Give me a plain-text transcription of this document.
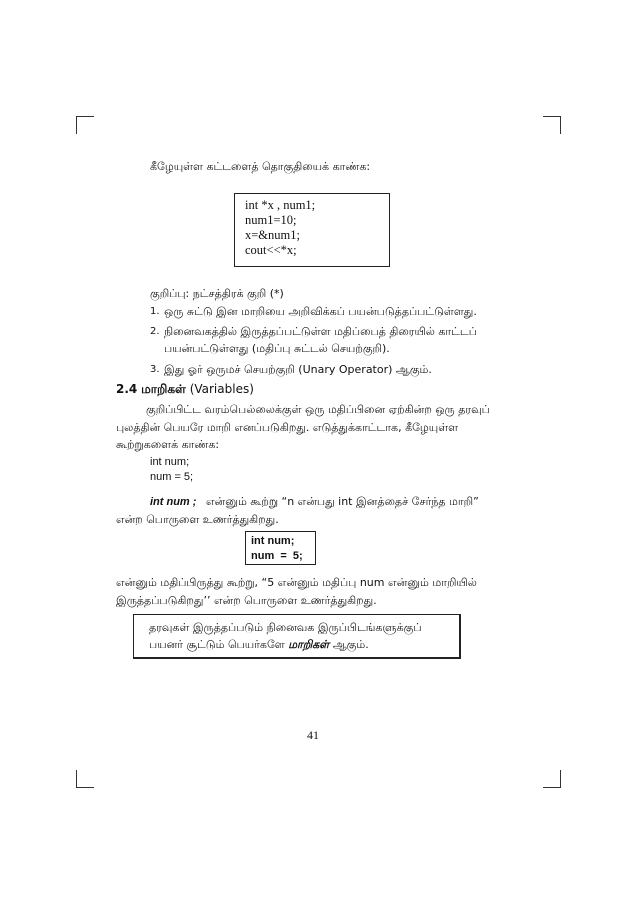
கீழேயுள்ள கட்டளைத் தொகுதியைக் காண்க:
int *x , num1;
num1=10;
x=&num1;
cout<<*x;
குறிப்பு: நட்சத்திரக் குறி (*)
1. ஒரு சுட்டு இன மாறியை அறிவிக்கப் பயன்படுத்தப்பட்டுள்ளது.
2. நினைவகத்தில் இருத்தப்பட்டுள்ள மதிப்பைத் திரையில் காட்டப்
பயன்பட்டுள்ளது (மதிப்பு சுட்டல் செயற்குறி).
3. இது ஓர் ஒருமச் செயற்குறி (Unary Operator) ஆகும்.
2.4 மாறிகள் (Variables)
குறிப்பிட்ட வரம்பெல்லைக்குள் ஒரு மதிப்பினை ஏற்கின்ற ஒரு தரவுப்
புலத்தின் பெயரே மாறி எனப்படுகிறது. எடுத்துக்காட்டாக, கீழேயுள்ள
கூற்றுகளைக் காண்க:
int num;
num = 5;
int num ; என்னும் கூற்று “n என்பது int இனத்தைச் சேர்ந்த மாறி”
என்ற பொருளை உணர்த்துகிறது.
int num;
num  =  5;
என்னும் மதிப்பிருத்து கூற்று, “5 என்னும் மதிப்பு num என்னும் மாறியில்
இருத்தப்படுகிறது’’ என்ற பொருளை உணர்த்துகிறது.
தரவுகள் இருத்தப்படும் நினைவக இருப்பிடங்களுக்குப்
பயனர் சூட்டும் பெயர்களே மாறிகள் ஆகும்.
41
